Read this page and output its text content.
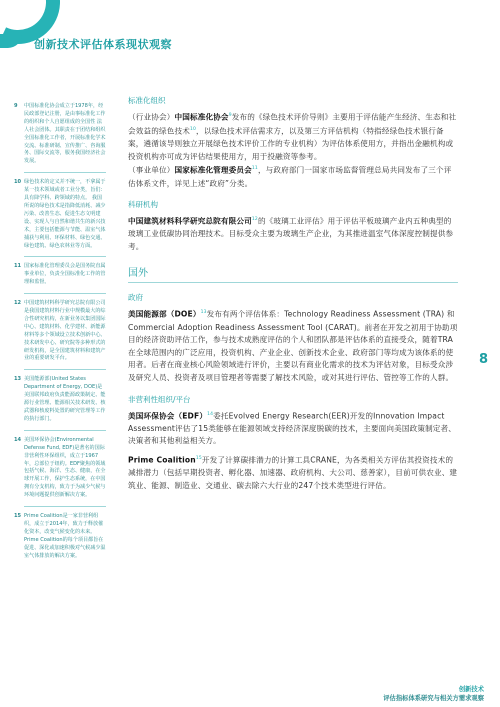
创新技术评估体系现状观察
9	中国标准化协会成立于1978年，经民政部登记注册，是由事标准化工作的组织和个人自愿组成的全国性 法人社会团体。其职责在于团结和组织全国标准化工作者，开展标准化学术交流、标准研制、宣传推广、咨询服务、国际交流等，服务我国经济社会发展。
10 绿色技术的定义并不统一，不拿属于某一技术领域或者工业分类，旨们：具有降学科、跨领域的特点。 我国所说的绿色技术是指降低消耗、减少污染、改善生态、促进生态文明建设、实现人与自然和谐共生的新兴技术，主要包括能源与节能、温室气体捕获与利用、环保材料、绿色交通、绿色建筑、绿色农林业等方面。
11 国家标准化管理委员会是国务院直属事业单位，负责全国标准化工作的管理和监督。
12 中国建筑材料科学研究总院有限公司是我国建筑材料行业中规模最大的综合性研究机构，在新业务以集团国际中心、建筑材料、化学建材、新能源材料等多个领域设立技术创新中心、技术研发中心、研究院等多种形式的研发机构，是全国建筑材料和建筑产业的重要研发平台。
13 美国能源部(United States Department of Energy, DOE)是美国联邦政府负责能源政策制定、能源行业管理、能源相关技术研发、核武器和核废料处置的研究管理等工作的执行部门。
14 美国环保协会(Environmental Defense Fund, EDF)是著名的国际非营利性环保组织，成立于1967年，总部位于纽约。EDF聚焦的领域包括气候、海洋、生态、健康，在全球开展工作，保护生态系统，在中国拥有分支机构，致力于为减少气候与环境问题提供创新解决方案。
15 Prime Coalition是一家非营利组织，成立于2014年，致力于释放催化资本，改变气候变化的未来。Prime Coalition的每个项目都旨在促进、深化或加速积极对气候减少温室气体排放的解决方案。
标准化组织

（行业协会）中国标准化协会$^9$发布的《绿色技术评价导则》主要用于评估能产生经济、生态和社会效益的绿色技术$^{10}$，以绿色技术评估需求方，以及第三方评估机构（特指经绿色技术银行备案，遴循该导则独立开展绿色技术评价工作的专业机构）为评估体系使用方，并指出金融机构或投资机构亦可成为评估结果使用方，用于投融资等参考。

（事业单位）国家标准化管理委员会$^{11}$，与政府部门一国家市场监督管理总局共同发布了三个评估体系文件，详见上述“政府”分类。

科研机构

中国建筑材料科学研究总院有限公司$^{12}$的《玻璃工业评估》用于评估平板玻璃产业内五种典型的玻璃工业低碳协同治理技术。目标受众主要为玻璃生产企业，为其推进温室气体深度控制提供参考。

国外
政府

美国能源部（DOE）$^{13}$发布有两个评估体系：Technology Readiness Assessment (TRA) 和Commercial Adoption Readiness Assessment Tool (CARAT)。前者在开发之初用于协助项目的经济资助评估工作，参与技术成熟度评估的个人和团队都是评估体系的直接受众，随着TRA在全球范围内的广泛应用，投资机构、产业企业、创新技术企业、政府部门等均成为该体系的使用者。后者在商业核心风险领域进行评价，主要以有商业化需求的技术为评估对象，目标受众涉及研究人员、投资者及项目管理者等需要了解技术风险，或对其进行评估、管控等工作的人群。

非营利性组织/平台

美国环保协会（EDF）$^{14}$委托Evolved Energy Research(EER)开发的Innovation Impact Assessment评估了15类能够在能源领域支持经济深度脱碳的技术，主要面向美国政策制定者、决策者和其他利益相关方。

Prime Coalition$^{15}$开发了计算碳排潜力的计算工具CRANE，为各类相关方评估其投资技术的减排潜力（包括早期投资者、孵化器、加速器、政府机构、大公司、慈善家），目前可供农业、建筑业、能源、制造业、交通业、碳去除六大行业的247个技术类型进行评估。

8
创新技术
评估指标体系研究与相关方需求观察
